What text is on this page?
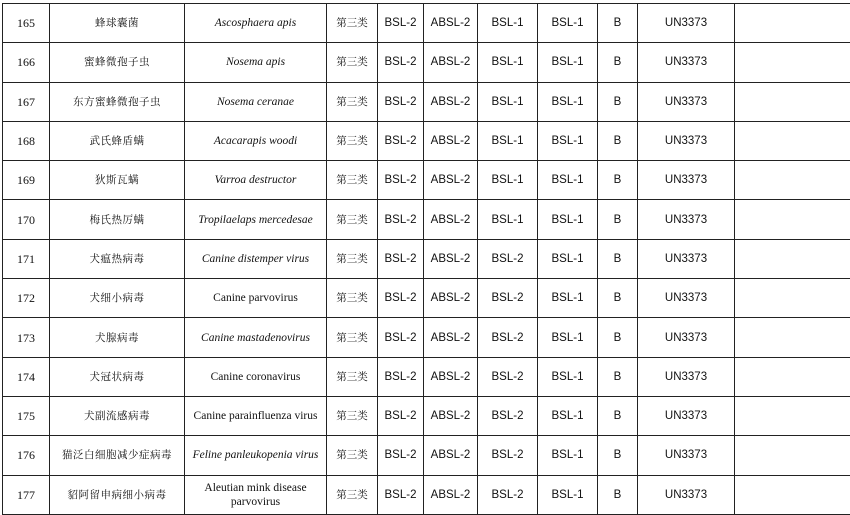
165	蜂球囊菌	Ascosphaera apis	第三类	BSL-2	ABSL-2	BSL-1	BSL-1	B	UN3373	
166	蜜蜂微孢子虫	Nosema apis	第三类	BSL-2	ABSL-2	BSL-1	BSL-1	B	UN3373	
167	东方蜜蜂微孢子虫	Nosema ceranae	第三类	BSL-2	ABSL-2	BSL-1	BSL-1	B	UN3373	
168	武氏蜂盾螨	Acacarapis woodi	第三类	BSL-2	ABSL-2	BSL-1	BSL-1	B	UN3373	
169	狄斯瓦螨	Varroa destructor	第三类	BSL-2	ABSL-2	BSL-1	BSL-1	B	UN3373	
170	梅氏热厉螨	Tropilaelaps mercedesae	第三类	BSL-2	ABSL-2	BSL-1	BSL-1	B	UN3373	
171	犬瘟热病毒	Canine distemper virus	第三类	BSL-2	ABSL-2	BSL-2	BSL-1	B	UN3373	
172	犬细小病毒	Canine parvovirus	第三类	BSL-2	ABSL-2	BSL-2	BSL-1	B	UN3373	
173	犬腺病毒	Canine mastadenovirus	第三类	BSL-2	ABSL-2	BSL-2	BSL-1	B	UN3373	
174	犬冠状病毒	Canine coronavirus	第三类	BSL-2	ABSL-2	BSL-2	BSL-1	B	UN3373	
175	犬副流感病毒	Canine parainfluenza virus	第三类	BSL-2	ABSL-2	BSL-2	BSL-1	B	UN3373	
176	猫泛白细胞减少症病毒	Feline panleukopenia virus	第三类	BSL-2	ABSL-2	BSL-2	BSL-1	B	UN3373	
177	貂阿留申病细小病毒	Aleutian mink disease parvovirus	第三类	BSL-2	ABSL-2	BSL-2	BSL-1	B	UN3373	
